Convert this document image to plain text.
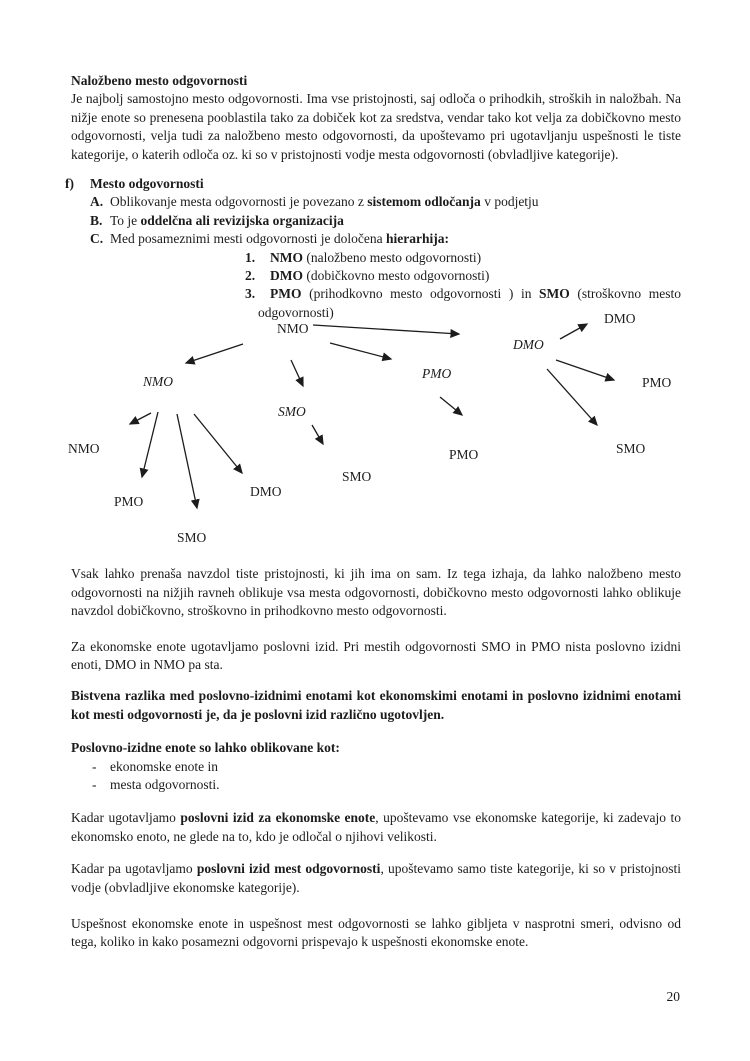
Naložbeno mesto odgovornosti

Je najbolj samostojno mesto odgovornosti. Ima vse pristojnosti, saj odloča o prihodkih, stroških in naložbah. Na nižje enote so prenesena pooblastila tako za dobiček kot za sredstva, vendar tako kot velja za dobičkovno mesto odgovornosti, velja tudi za naložbeno mesto odgovornosti, da upoštevamo pri ugotavljanju uspešnosti le tiste kategorije, o katerih odloča oz. ki so v pristojnosti vodje mesta odgovornosti (obvladljive kategorije).

f) Mesto odgovornosti
A. Oblikovanje mesta odgovornosti je povezano z sistemom odločanja v podjetju
B. To je oddelčna ali revizijska organizacija
C. Med posameznimi mesti odgovornosti je določena hierarhija:
1. NMO (naložbeno mesto odgovornosti)
2. DMO (dobičkovno mesto odgovornosti)
3. PMO (prihodkovno mesto odgovornosti ) in SMO (stroškovno mesto odgovornosti)
NMO
NMO
SMO
PMO
DMO
DMO
PMO
SMO
NMO
PMO
SMO
DMO
SMO
PMO

Vsak lahko prenaša navzdol tiste pristojnosti, ki jih ima on sam. Iz tega izhaja, da lahko naložbeno mesto odgovornosti na nižjih ravneh oblikuje vsa mesta odgovornosti, dobičkovno mesto odgovornosti lahko oblikuje navzdol dobičkovno, stroškovno in prihodkovno mesto odgovornosti.

Za ekonomske enote ugotavljamo poslovni izid. Pri mestih odgovornosti SMO in PMO nista poslovno izidni enoti, DMO in NMO pa sta.

Bistvena razlika med poslovno-izidnimi enotami kot ekonomskimi enotami in poslovno izidnimi enotami kot mesti odgovornosti je, da je poslovni izid različno ugotovljen.

Poslovno-izidne enote so lahko oblikovane kot:

- ekonomske enote in
- mesta odgovornosti.

Kadar ugotavljamo poslovni izid za ekonomske enote, upoštevamo vse ekonomske kategorije, ki zadevajo to ekonomsko enoto, ne glede na to, kdo je odločal o njihovi velikosti.

Kadar pa ugotavljamo poslovni izid mest odgovornosti, upoštevamo samo tiste kategorije, ki so v pristojnosti vodje (obvladljive ekonomske kategorije).

Uspešnost ekonomske enote in uspešnost mest odgovornosti se lahko gibljeta v nasprotni smeri, odvisno od tega, koliko in kako posamezni odgovorni prispevajo k uspešnosti ekonomske enote.

20
